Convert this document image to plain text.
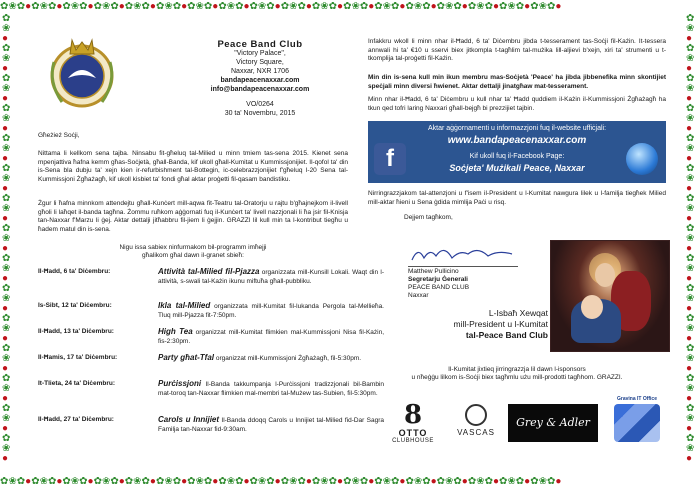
✿❀✿●✿❀✿●✿❀✿●✿❀✿●✿❀✿●✿❀✿●✿❀✿●✿❀✿●✿❀✿●✿❀✿●✿❀✿●✿❀✿●✿❀✿●✿❀✿●✿❀✿●✿❀✿●✿❀✿●✿❀✿●
✿❀✿●✿❀✿●✿❀✿●✿❀✿●✿❀✿●✿❀✿●✿❀✿●✿❀✿●✿❀✿●✿❀✿●✿❀✿●✿❀✿●✿❀✿●✿❀✿●✿❀✿●✿❀✿●✿❀✿●✿❀✿●
✿❀●✿❀●✿❀●✿❀●✿❀●✿❀●✿❀●✿❀●✿❀●✿❀●✿❀●✿❀●✿❀●✿❀●✿❀●
✿❀●✿❀●✿❀●✿❀●✿❀●✿❀●✿❀●✿❀●✿❀●✿❀●✿❀●✿❀●✿❀●✿❀●✿❀●
Peace Band Club
"Victory Palace",
Victory Square,
Naxxar, NXR 1706
bandapeacenaxxar.com
info@bandapeacenaxxar.com
VO/0264
30 ta' Novembru, 2015
Għeżież Soċji,
Nittama li kellkom sena tajba. Ninsabu fit-għeluq tal-Milied u minn tmiem tas-sena 2015. Kienet sena mpenjattiva ħafna kemm għas-Soċjetà, għall-Banda, kif ukoll għall-Kumitat u Kummissjonijiet. Il-qofol ta' din is-Sena bla dubju ta' xejn kien ir-refurbishment tal-Bottegin, ic-celebrazzjonijiet f'għeluq l-20 Sena tal-Kummissjoni Żgħażagħ, kif ukoll kisbiet ta' fondi għal aktar proġetti fil-qasam bandistiku.
Żgur li ħafna minnkom attendejtu għall-Kunċert mill-aqwa fit-Teatru tal-Oratorju u rajtu b'għajnejkom il-livell għoli li laħqet il-banda tagħna. Żommu ruħkom aġġornati fuq il-Kunċert ta' livell nazzjonali li ħa jsir fil-Knisja tan-Naxxar f'Marzu li ġej. Aktar dettalji jitħabbru fil-jiem li ġejjin. GRAZZI lil kull min ta l-kontribut tiegħu u ħadem matul din is-sena.
Nigu issa sabiex ninfurmakom bil-programm imħejji
għalikom għal dawn il-granet sbieħ:
Il-Ħadd, 6 ta' Diċembru:	Attività tal-Milied fil-Pjazza organizzata mill-Kunsill Lokali. Waqt din l-attività, s-swali tal-Każin ikunu miftuħa għall-pubbliku.
Is-Sibt, 12 ta' Diċembru:	Ikla tal-Milied organizzata mill-Kumitat fil-lukanda Pergola tal-Mellieħa. Tluq mill-Pjazza fit-7:50pm.
Il-Ħadd, 13 ta' Diċembru:	High Tea organizzat mill-Kumitat flimkien mal-Kummissjoni Nisa fil-Każin, fis-2:30pm.
Il-Ħamis, 17 ta' Diċembru:	Party għat-Tfal organizzat mill-Kummissjoni Żgħażagħ, fil-5:30pm.
It-Tlieta, 24 ta' Diċembru:	Purċissjoni Il-Banda takkumpanja l-Purċissjoni tradizzjonali bil-Bambin mat-toroq tan-Naxxar flimkien mal-membri tal-Mużew tas-Subien, fil-5:30pm.
Il-Ħadd, 27 ta' Diċembru:	Carols u Innijiet Il-Banda ddoqq Carols u Innijiet tal-Milied fid-Dar Sagra Familja tan-Naxxar fid-9:30am.
Infakkru wkoll li minn nhar il-Ħadd, 6 ta' Diċembru jibda t-tesserament tas-Soċji fil-Każin. It-tessera annwali hi ta' €10 u sservi biex jitkompla t-tagħlim tal-mużika lill-aljievi b'xejn, xiri ta' strumenti u t-tkomplija tal-proġetti fil-Każin.
Min din is-sena kull min ikun membru mas-Soċjetà 'Peace' ha jibda jibbenefika minn skontijiet speċjali minn diversi ħwienet. Aktar dettalji jinatgħaw mat-tesserament.
Minn nhar il-Ħadd, 6 ta' Diċembru u kull nhar ta' Ħadd quddiem il-Każin il-Kummissjoni Żgħażagħ ha tkun qed tofri laring Naxxari għall-bejgħ bi prezzijiet tajbin.
Aktar aġġornamenti u informazzjoni fuq il-website uffiċjali:
www.bandapeacenaxxar.com
Kif ukoll fuq il-Facebook Page:
Soċjeta' Mużikali Peace, Naxxar
f
Nirringrazzjakom tal-attenzjoni u f'isem il-President u l-Kumitat nawgura lilek u l-familja tiegħek Milied mill-aktar ħieni u Sena ġdida mimlija Paċi u risq.
Dejjem tagħkom,
Matthew Pullicino
Segretarju Ġenerali
PEACE BAND CLUB
Naxxar
L-Isbaħ Xewqat
mill-President u l-Kumitat
tal-Peace Band Club
Il-Kumitat jixtieq jirringrazzja lil dawn l-isponsors
u nħeġġu lilkom is-Soċji biex tagħmlu użu mill-prodotti tagħhom. GRAZZI.
8
OTTO
CLUBHOUSE
VASCAS
Grey & Adler
Gravina IT Office
